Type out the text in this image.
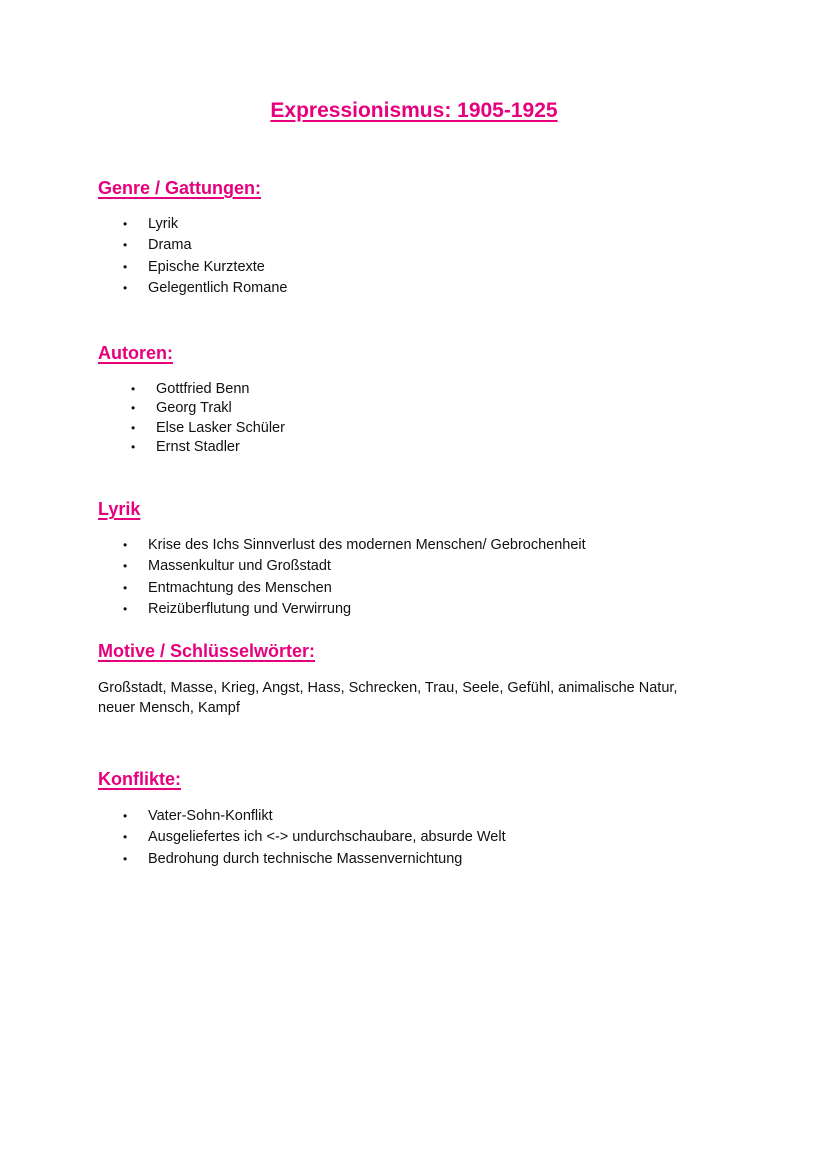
Expressionismus: 1905-1925
Genre / Gattungen:
• Lyrik
• Drama
• Epische Kurztexte
• Gelegentlich Romane
Autoren:
• Gottfried Benn
• Georg Trakl
• Else Lasker Schüler
• Ernst Stadler
Lyrik
• Krise des Ichs Sinnverlust des modernen Menschen/ Gebrochenheit
• Massenkultur und Großstadt
• Entmachtung des Menschen
• Reizüberflutung und Verwirrung
Motive / Schlüsselwörter:
Großstadt, Masse, Krieg, Angst, Hass, Schrecken, Trau, Seele, Gefühl, animalische Natur,
neuer Mensch, Kampf
Konflikte:
• Vater-Sohn-Konflikt
• Ausgeliefertes ich <-> undurchschaubare, absurde Welt
• Bedrohung durch technische Massenvernichtung
